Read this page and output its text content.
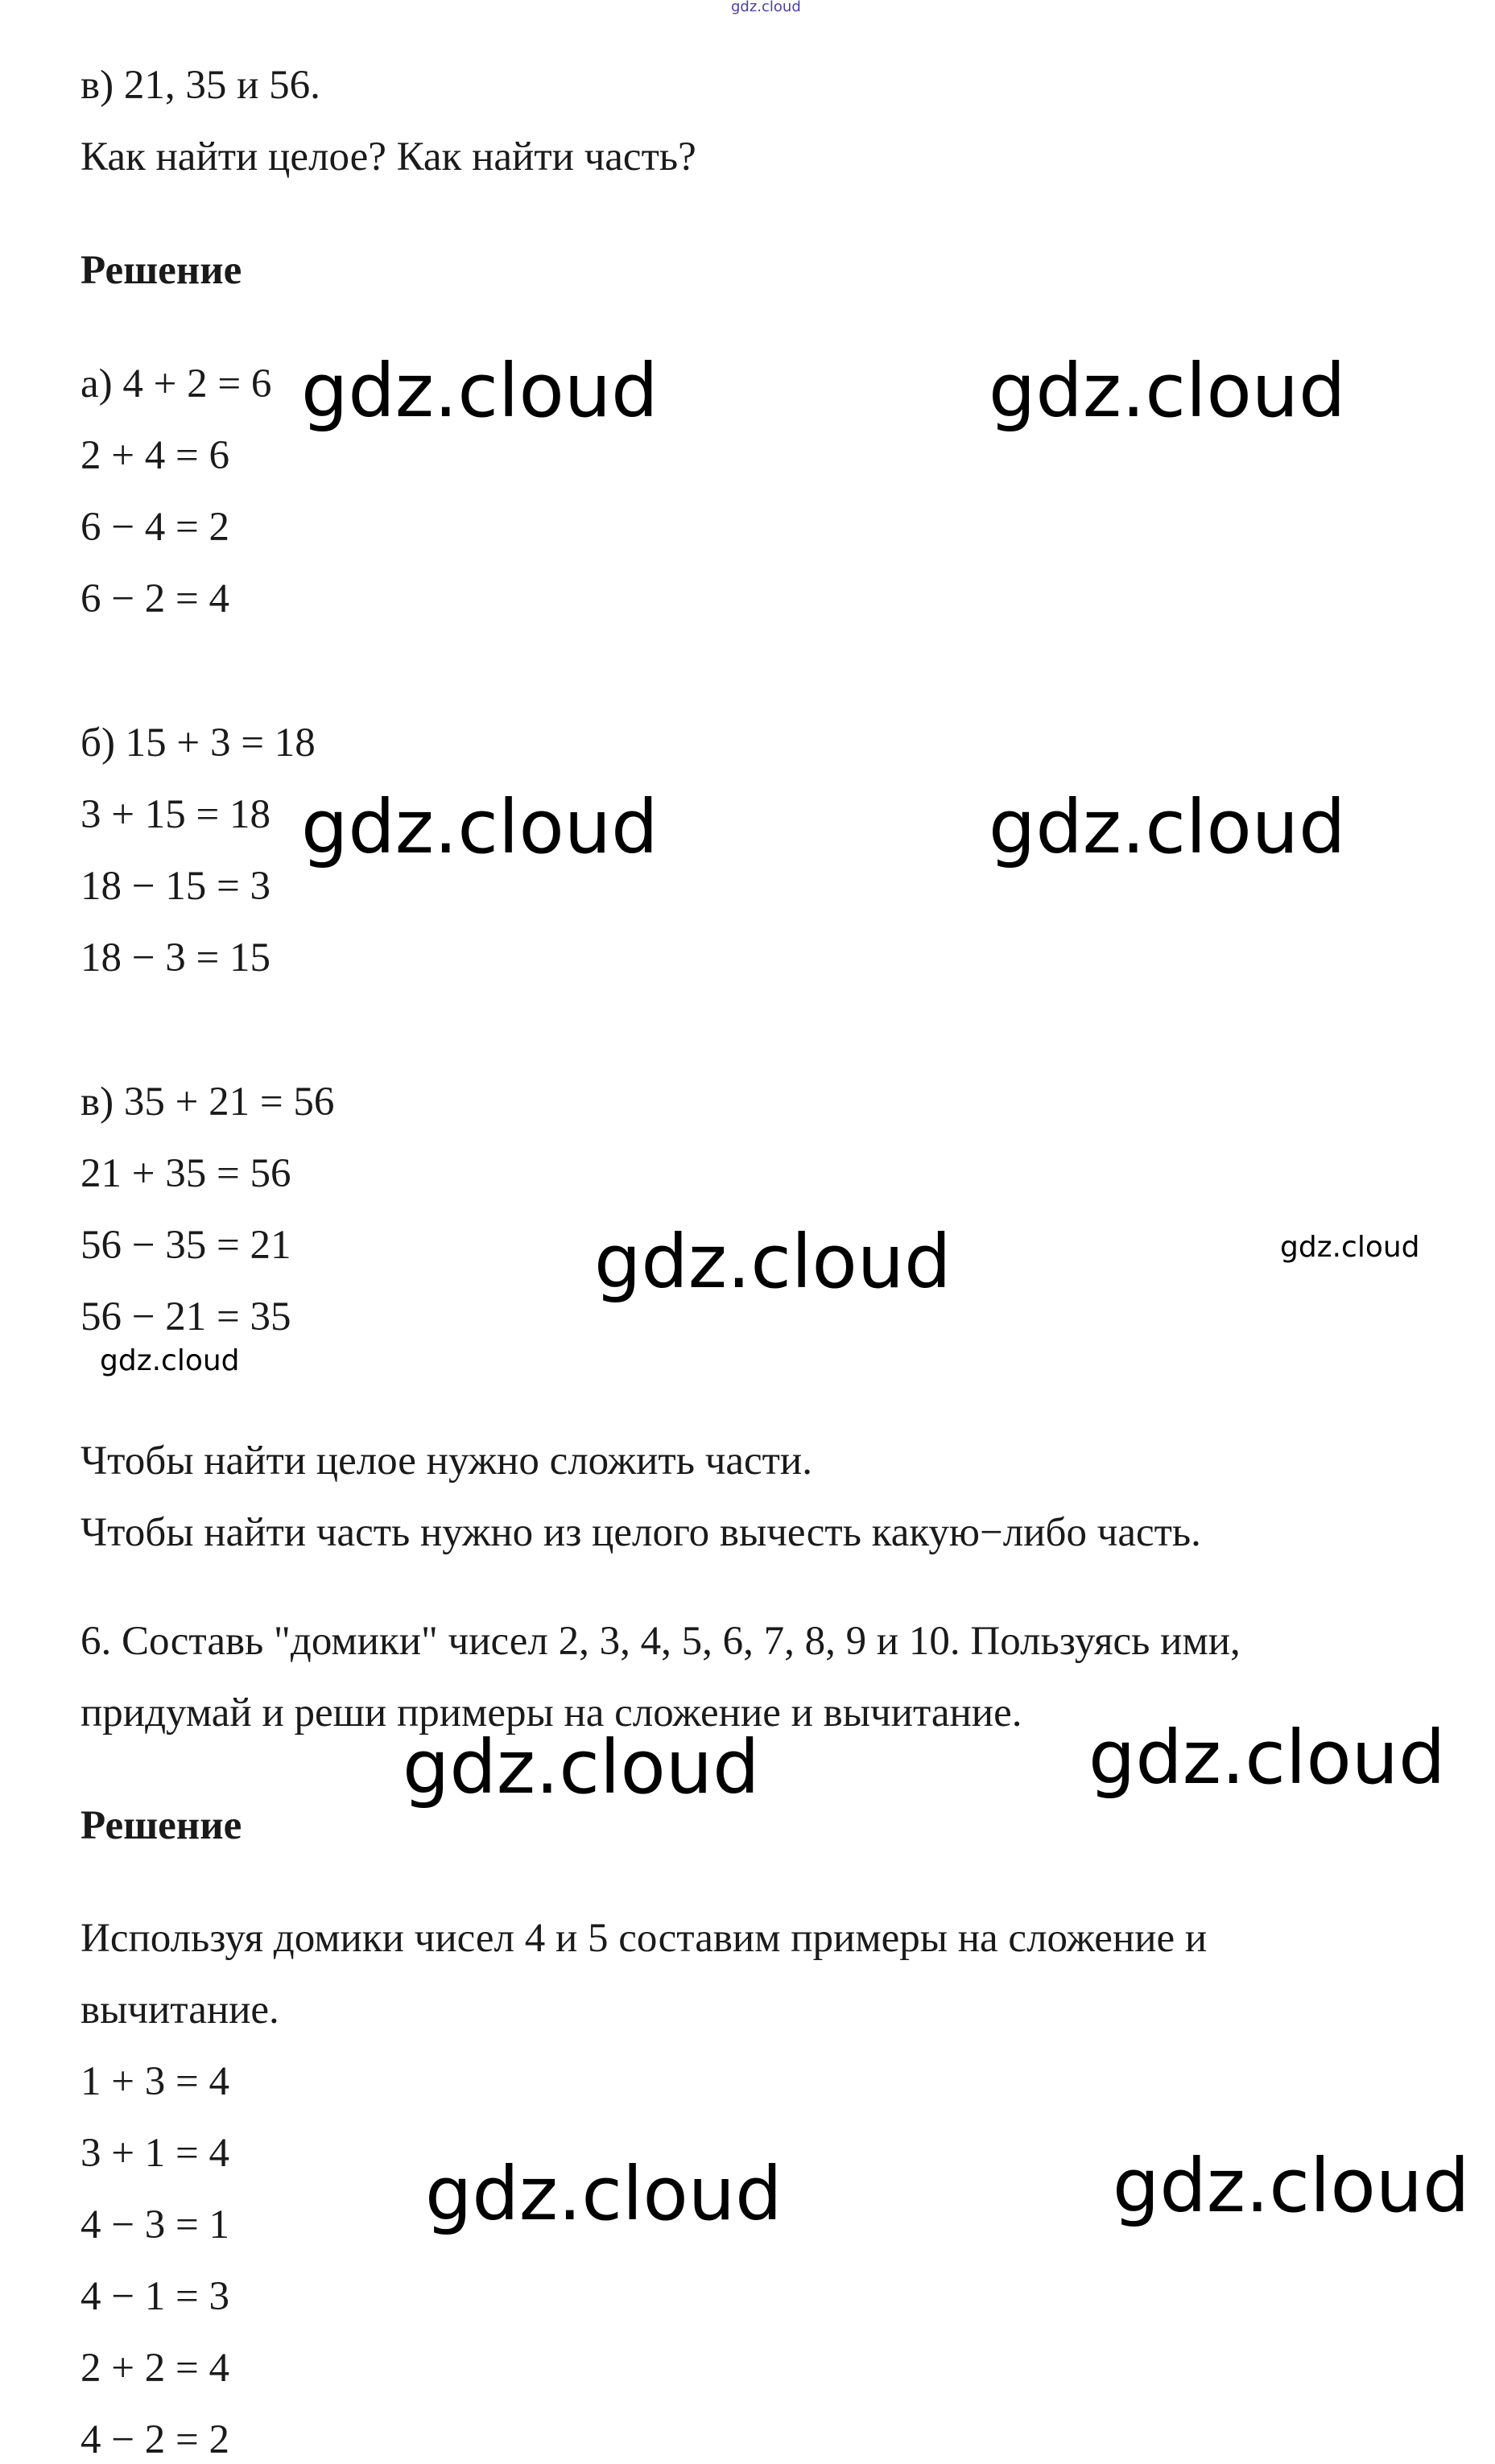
gdz.cloud
в) 21, 35 и 56.
Как найти целое? Как найти часть?
Решение
а) 4 + 2 = 6
2 + 4 = 6
6 − 4 = 2
6 − 2 = 4
б) 15 + 3 = 18
3 + 15 = 18
18 − 15 = 3
18 − 3 = 15
в) 35 + 21 = 56
21 + 35 = 56
56 − 35 = 21
56 − 21 = 35
Чтобы найти целое нужно сложить части.
Чтобы найти часть нужно из целого вычесть какую−либо часть.
6. Составь "домики" чисел 2, 3, 4, 5, 6, 7, 8, 9 и 10. Пользуясь ими,
придумай и реши примеры на сложение и вычитание.
Решение
Используя домики чисел 4 и 5 составим примеры на сложение и
вычитание.
1 + 3 = 4
3 + 1 = 4
4 − 3 = 1
4 − 1 = 3
2 + 2 = 4
4 − 2 = 2
gdz.cloud	gdz.cloud
gdz.cloud	gdz.cloud
gdz.cloud	gdz.cloud
gdz.cloud
gdz.cloud	gdz.cloud
gdz.cloud	gdz.cloud
